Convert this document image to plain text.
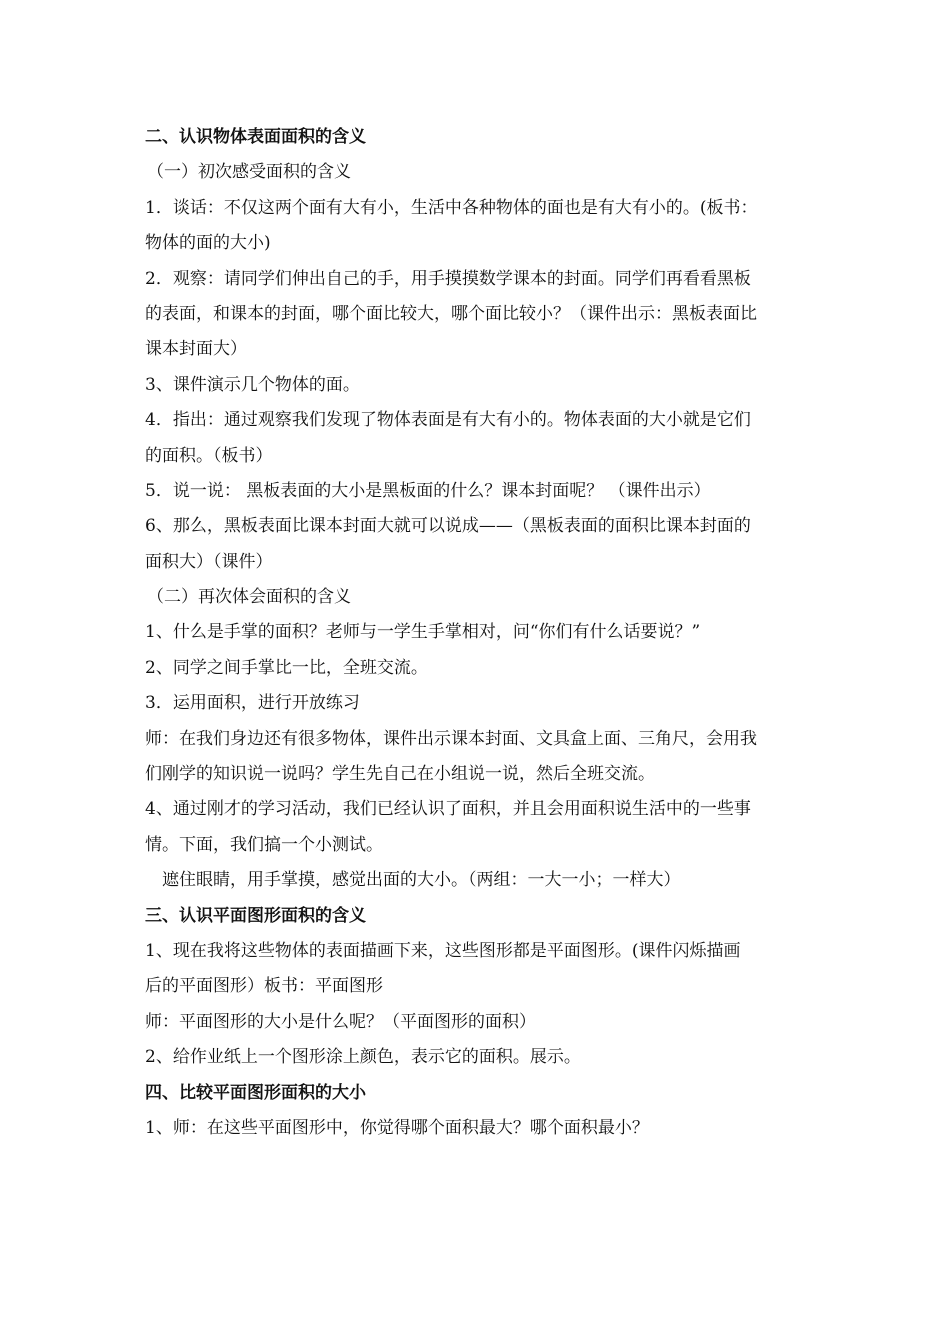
二、认识物体表面面积的含义
（一）初次感受面积的含义
1．谈话：不仅这两个面有大有小，生活中各种物体的面也是有大有小的。(板书：
物体的面的大小)
2．观察：请同学们伸出自己的手，用手摸摸数学课本的封面。同学们再看看黑板
的表面，和课本的封面，哪个面比较大，哪个面比较小？（课件出示：黑板表面比
课本封面大）
3、课件演示几个物体的面。
4．指出：通过观察我们发现了物体表面是有大有小的。物体表面的大小就是它们
的面积。（板书）
5．说一说： 黑板表面的大小是黑板面的什么？课本封面呢？ （课件出示）
6、那么，黑板表面比课本封面大就可以说成——（黑板表面的面积比课本封面的
面积大）（课件）
（二）再次体会面积的含义
1、什么是手掌的面积？老师与一学生手掌相对，问“你们有什么话要说？”
2、同学之间手掌比一比，全班交流。
3．运用面积，进行开放练习
师：在我们身边还有很多物体，课件出示课本封面、文具盒上面、三角尺，会用我
们刚学的知识说一说吗？学生先自己在小组说一说，然后全班交流。
4、通过刚才的学习活动，我们已经认识了面积，并且会用面积说生活中的一些事
情。下面，我们搞一个小测试。
遮住眼睛，用手掌摸，感觉出面的大小。（两组：一大一小；一样大）
三、认识平面图形面积的含义
1、现在我将这些物体的表面描画下来，这些图形都是平面图形。(课件闪烁描画
后的平面图形）板书：平面图形
师：平面图形的大小是什么呢？（平面图形的面积）
2、给作业纸上一个图形涂上颜色，表示它的面积。展示。
四、比较平面图形面积的大小
1、师：在这些平面图形中，你觉得哪个面积最大？哪个面积最小？
